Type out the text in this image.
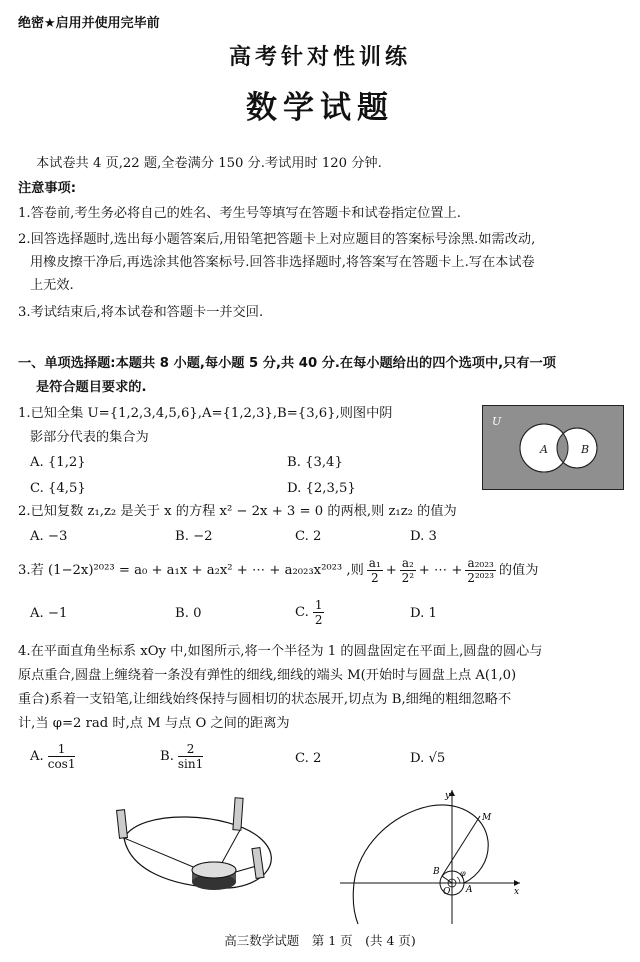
绝密★启用并使用完毕前
高考针对性训练
数学试题
本试卷共 4 页,22 题,全卷满分 150 分.考试用时 120 分钟.
注意事项:
1.答卷前,考生务必将自己的姓名、考生号等填写在答题卡和试卷指定位置上.
2.回答选择题时,选出每小题答案后,用铅笔把答题卡上对应题目的答案标号涂黑.如需改动,
用橡皮擦干净后,再选涂其他答案标号.回答非选择题时,将答案写在答题卡上.写在本试卷
上无效.
3.考试结束后,将本试卷和答题卡一并交回.
一、单项选择题:本题共 8 小题,每小题 5 分,共 40 分.在每小题给出的四个选项中,只有一项
是符合题目要求的.
1.已知全集 U={1,2,3,4,5,6},A={1,2,3},B={3,6},则图中阴
影部分代表的集合为
A. {1,2}	B. {3,4}
C. {4,5}	D. {2,3,5}
U
A	B
2.已知复数 z₁,z₂ 是关于 x 的方程 x² − 2x + 3 = 0 的两根,则 z₁z₂ 的值为
A. −3	B. −2	C. 2	D. 3
3.若 (1−2x)²⁰²³ = a₀ + a₁x + a₂x² + ⋯ + a₂₀₂₃x²⁰²³ ,则 $\frac{\text{a₁}}{2} + \frac{\text{a₂}}{\text{2²}}$ + ⋯ + $\frac{\text{a₂₀₂₃}}{\text{2²⁰²³}}$ 的值为
A. −1	B. 0	C. $\frac{1}{2}$	D. 1
4.在平面直角坐标系 xOy 中,如图所示,将一个半径为 1 的圆盘固定在平面上,圆盘的圆心与
原点重合,圆盘上缠绕着一条没有弹性的细线,细线的端头 M(开始时与圆盘上点 A(1,0)
重合)系着一支铅笔,让细线始终保持与圆相切的状态展开,切点为 B,细绳的粗细忽略不
计,当 φ=2 rad 时,点 M 与点 O 之间的距离为
A. $\frac{1}{\cos 1}$	B. $\frac{2}{\sin 1}$	C. 2	D. √5
y
x
O A
B
M
φ
高三数学试题　第 1 页　(共 4 页)
